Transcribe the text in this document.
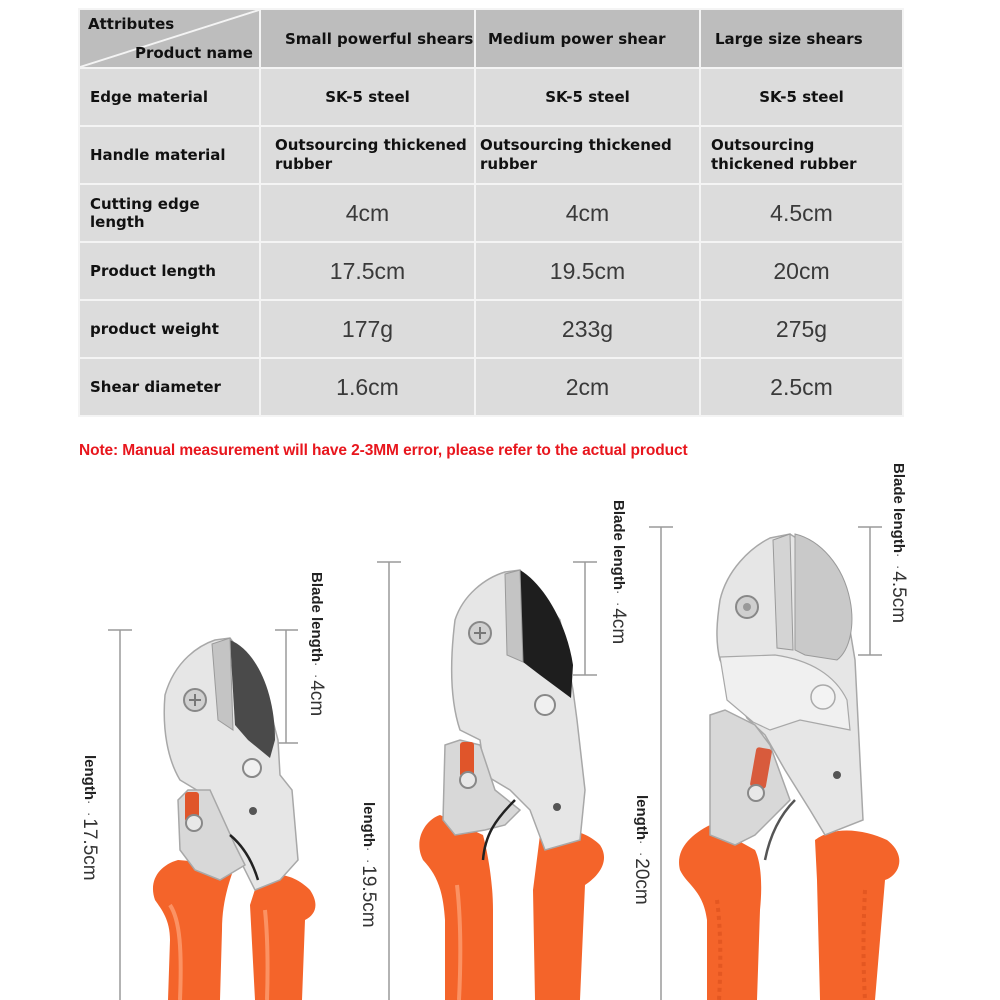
Attributes
Product name	Small powerful shears	Medium power shear	Large size shears
Edge material	SK-5 steel	SK-5 steel	SK-5 steel
Handle material	Outsourcing thickened rubber	Outsourcing thickened rubber	Outsourcing thickened rubber
Cutting edge length	4cm	4cm	4.5cm
Product length	17.5cm	19.5cm	20cm
product weight	177g	233g	275g
Shear diameter	1.6cm	2cm	2.5cm
Note: Manual measurement will have 2-3MM error, please refer to the actual product
Blade length· ·4cm
length· ·17.5cm
Blade length· ·4cm
length· ·19.5cm
Blade length· ·4.5cm
length· ·20cm
